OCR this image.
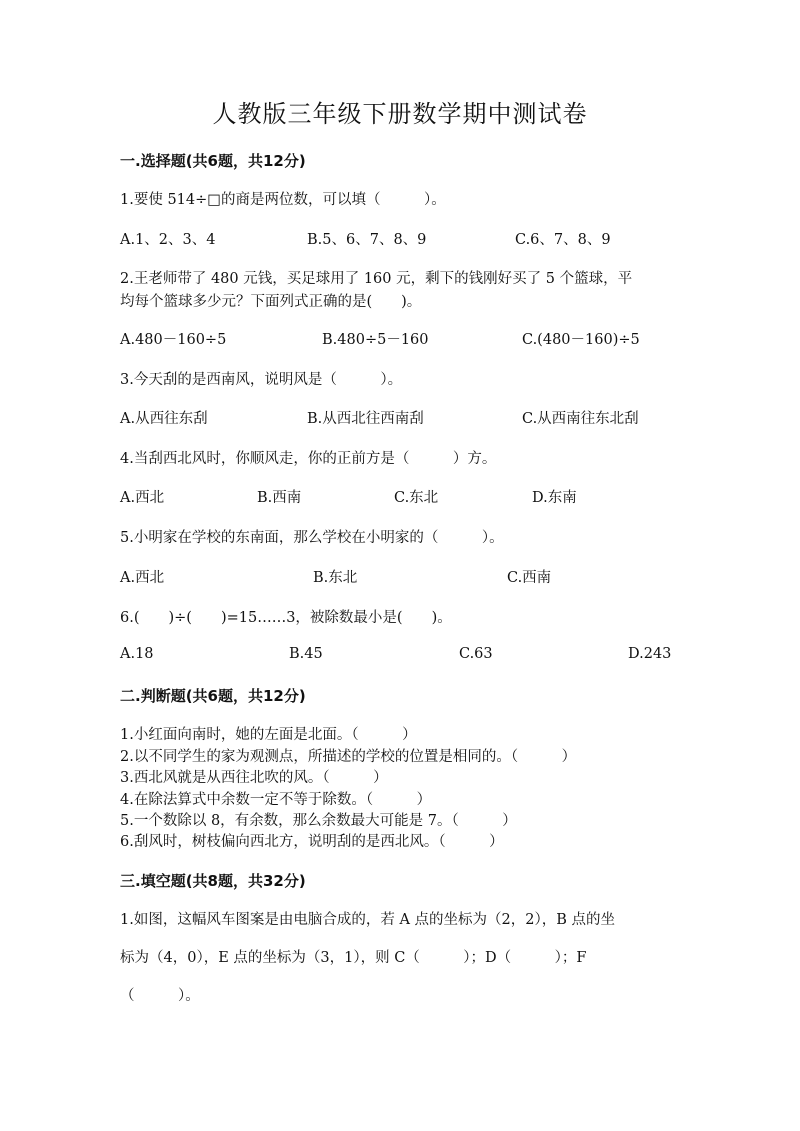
人教版三年级下册数学期中测试卷
一.选择题(共6题，共12分)
1.要使 514÷□的商是两位数，可以填（　　　）。
A.1、2、3、4	B.5、6、7、8、9	C.6、7、8、9
2.王老师带了 480 元钱，买足球用了 160 元，剩下的钱刚好买了 5 个篮球，平
均每个篮球多少元？下面列式正确的是(　　)。
A.480－160÷5	B.480÷5－160	C.(480－160)÷5
3.今天刮的是西南风，说明风是（　　　）。
A.从西往东刮	B.从西北往西南刮	C.从西南往东北刮
4.当刮西北风时，你顺风走，你的正前方是（　　　）方。
A.西北	B.西南	C.东北	D.东南
5.小明家在学校的东南面，那么学校在小明家的（　　　）。
A.西北	B.东北	C.西南
6.(　　)÷(　　)=15……3，被除数最小是(　　)。
A.18	B.45	C.63	D.243
二.判断题(共6题，共12分)
1.小红面向南时，她的左面是北面。（　　　）
2.以不同学生的家为观测点，所描述的学校的位置是相同的。（　　　）
3.西北风就是从西往北吹的风。（　　　）
4.在除法算式中余数一定不等于除数。（　　　）
5.一个数除以 8，有余数，那么余数最大可能是 7。（　　　）
6.刮风时，树枝偏向西北方，说明刮的是西北风。（　　　）
三.填空题(共8题，共32分)
1.如图，这幅风车图案是由电脑合成的，若 A 点的坐标为（2，2），B 点的坐
标为（4，0），E 点的坐标为（3，1），则 C（　　　）；D（　　　）；F
（　　　）。
